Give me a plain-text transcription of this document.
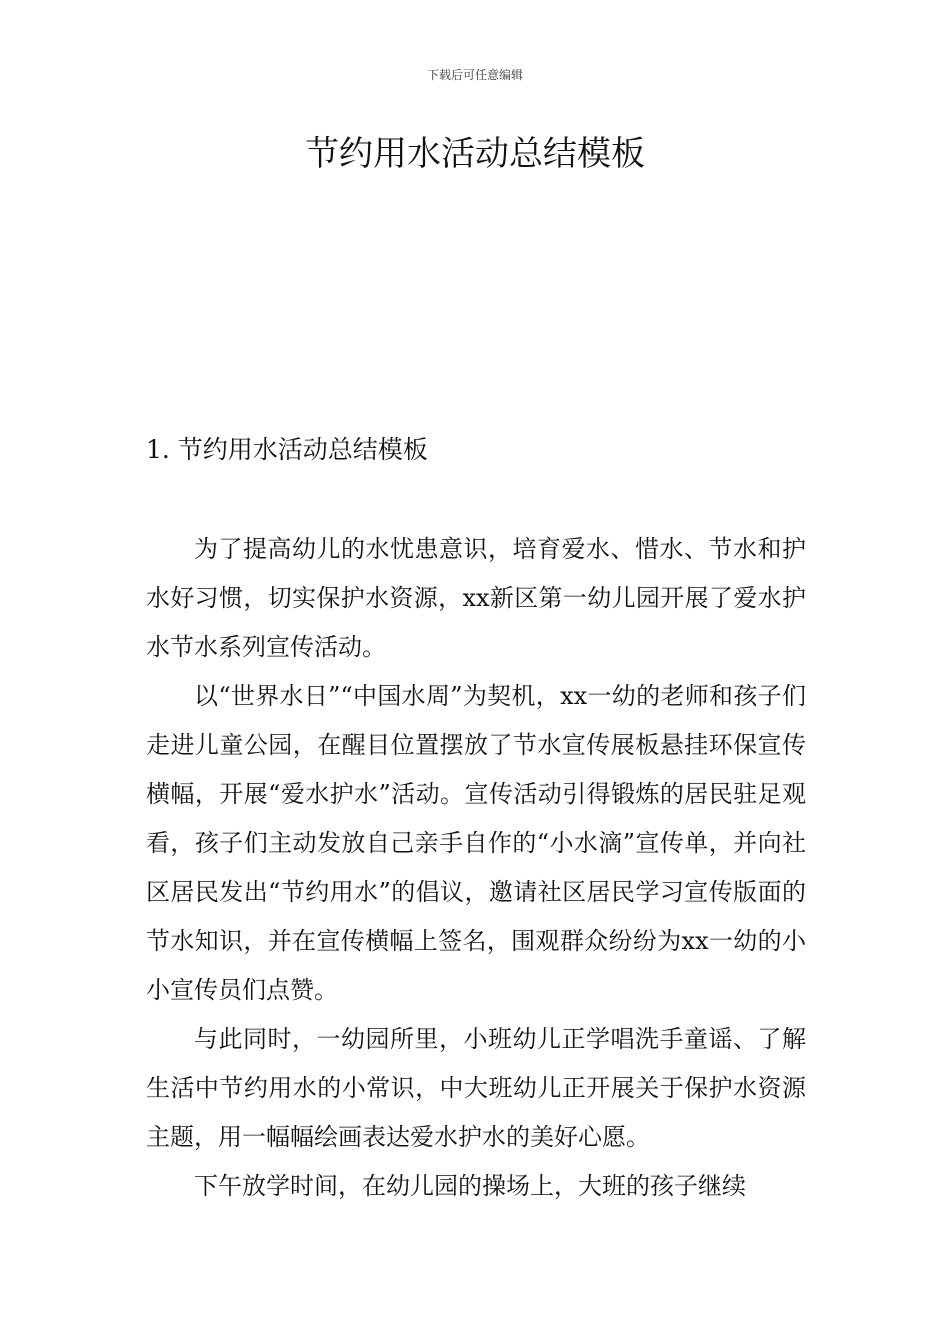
下载后可任意编辑
节约用水活动总结模板
1. 节约用水活动总结模板

为了提高幼儿的水忧患意识，培育爱水、惜水、节水和护水好习惯，切实保护水资源，xx新区第一幼儿园开展了爱水护水节水系列宣传活动。

以“世界水日”“中国水周”为契机，xx一幼的老师和孩子们走进儿童公园，在醒目位置摆放了节水宣传展板悬挂环保宣传横幅，开展“爱水护水”活动。宣传活动引得锻炼的居民驻足观看，孩子们主动发放自己亲手自作的“小水滴”宣传单，并向社区居民发出“节约用水”的倡议，邀请社区居民学习宣传版面的节水知识，并在宣传横幅上签名，围观群众纷纷为xx一幼的小小宣传员们点赞。

与此同时，一幼园所里，小班幼儿正学唱洗手童谣、了解生活中节约用水的小常识，中大班幼儿正开展关于保护水资源主题，用一幅幅绘画表达爱水护水的美好心愿。

下午放学时间，在幼儿园的操场上，大班的孩子继续
